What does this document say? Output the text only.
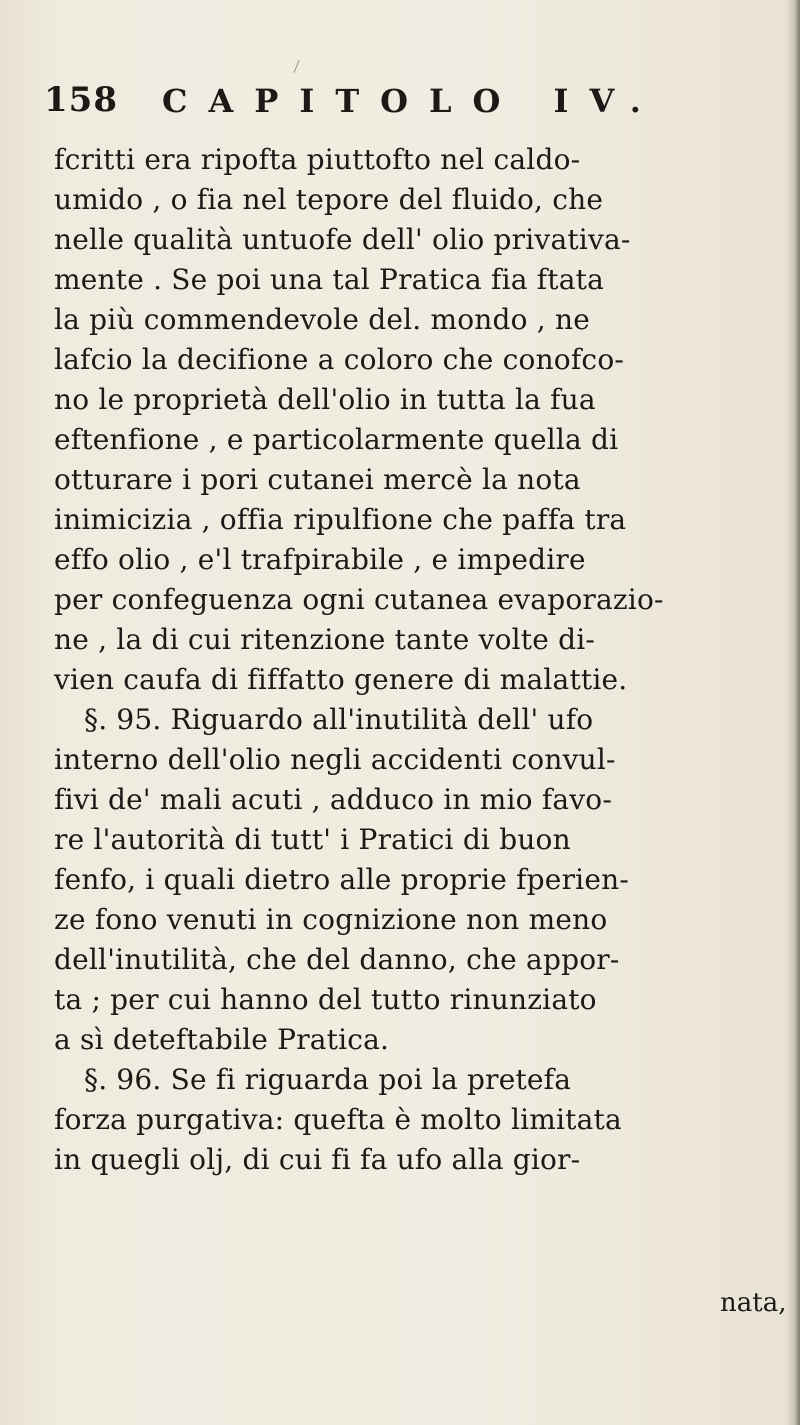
158 CAPITOLO IV.
fcritti era ripofta piuttofto nel caldo-
umido , o fia nel tepore del fluido, che
nelle qualità untuofe dell' olio privativa-
mente . Se poi una tal Pratica fia ftata
la più commendevole del. mondo , ne
lafcio la decifione a coloro che conofco-
no le proprietà dell'olio in tutta la fua
eftenfione , e particolarmente quella di
otturare i pori cutanei mercè la nota
inimicizia , offia ripulfione che paffa tra
effo olio , e'l trafpirabile , e impedire
per confeguenza ogni cutanea evaporazio-
ne , la di cui ritenzione tante volte di-
vien caufa di fiffatto genere di malattie.
§. 95. Riguardo all'inutilità dell' ufo
interno dell'olio negli accidenti convul-
fivi de' mali acuti , adduco in mio favo-
re l'autorità di tutt' i Pratici di buon
fenfo, i quali dietro alle proprie fperien-
ze fono venuti in cognizione non meno
dell'inutilità, che del danno, che appor-
ta ; per cui hanno del tutto rinunziato
a sì deteftabile Pratica.
§. 96. Se fi riguarda poi la pretefa
forza purgativa: quefta è molto limitata
in quegli olj, di cui fi fa ufo alla gior-
nata,
